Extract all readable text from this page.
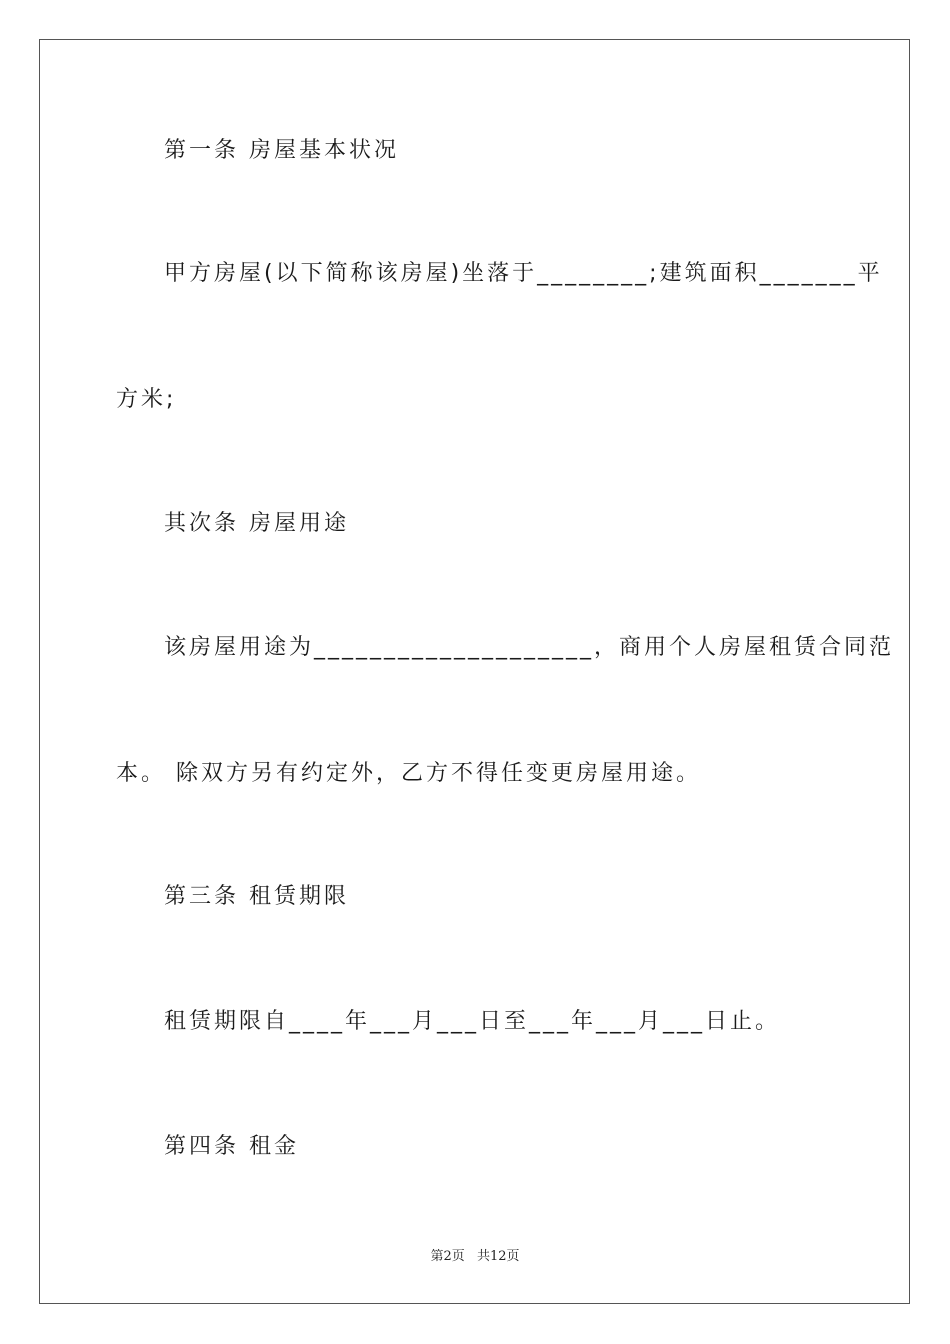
第一条 房屋基本状况

甲方房屋(以下简称该房屋)坐落于________;建筑面积_______平

方米;

其次条 房屋用途

该房屋用途为____________________，商用个人房屋租赁合同范

本。 除双方另有约定外，乙方不得任变更房屋用途。

第三条 租赁期限

租赁期限自____年___月___日至___年___月___日止。

第四条 租金

第2页 共12页
